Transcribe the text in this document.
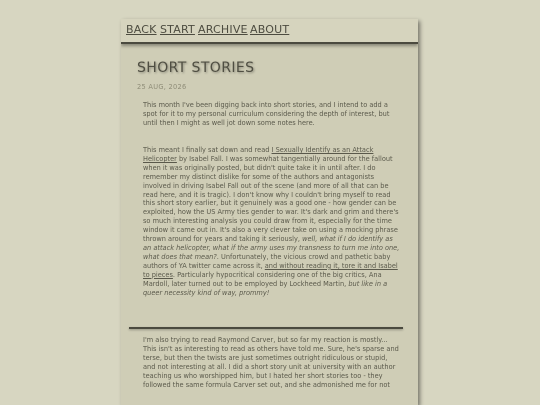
BACK START ARCHIVE ABOUT
SHORT STORIES
25 AUG, 2026

This month I've been digging back into short stories, and I intend to add a spot for it to my personal curriculum considering the depth of interest, but until then I might as well jot down some notes here.

This meant I finally sat down and read I Sexually Identify as an Attack Helicopter by Isabel Fall. I was somewhat tangentially around for the fallout when it was originally posted, but didn't quite take it in until after. I do remember my distinct dislike for some of the authors and antagonists involved in driving Isabel Fall out of the scene (and more of all that can be read here, and it is tragic). I don't know why I couldn't bring myself to read this short story earlier, but it genuinely was a good one - how gender can be exploited, how the US Army ties gender to war. It's dark and grim and there's so much interesting analysis you could draw from it, especially for the time window it came out in. It's also a very clever take on using a mocking phrase thrown around for years and taking it seriously, well, what if I do identify as an attack helicopter, what if the army uses my transness to turn me into one, what does that mean?. Unfortunately, the vicious crowd and pathetic baby authors of YA twitter came across it, and without reading it, tore it and Isabel to pieces. Particularly hypocritical considering one of the big critics, Ana Mardoll, later turned out to be employed by Lockheed Martin, but like in a queer necessity kind of way, prommy!

I'm also trying to read Raymond Carver, but so far my reaction is mostly... This isn't as interesting to read as others have told me. Sure, he's sparse and terse, but then the twists are just sometimes outright ridiculous or stupid, and not interesting at all. I did a short story unit at university with an author teaching us who worshipped him, but I hated her short stories too - they followed the same formula Carver set out, and she admonished me for not
